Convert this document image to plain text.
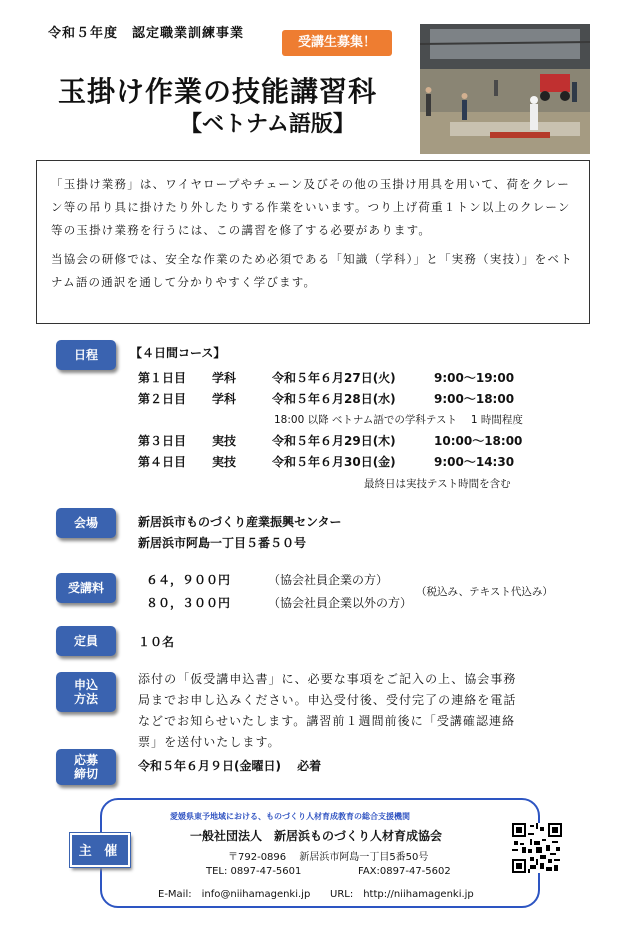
令和５年度　認定職業訓練事業
受講生募集！
玉掛け作業の技能講習科
【ベトナム語版】

「玉掛け業務」は、ワイヤロープやチェーン及びその他の玉掛け用具を用いて、荷をクレーン等の吊り具に掛けたり外したりする作業をいいます。つり上げ荷重１トン以上のクレーン等の玉掛け業務を行うには、この講習を修了する必要があります。

当協会の研修では、安全な作業のため必須である「知識（学科）」と「実務（実技）」をベトナム語の通訳を通して分かりやすく学びます。

日程	【４日間コース】
第１日目 学科	令和５年６月27日(火)	9:00～19:00
第２日目 学科	令和５年６月28日(水)	9:00～18:00
18:00 以降 ベトナム語での学科テスト　 1 時間程度
第３日目 実技	令和５年６月29日(木)	10:00～18:00
第４日目 実技	令和５年６月30日(金)	9:00～14:30
最終日は実技テスト時間を含む
会場	新居浜市ものづくり産業振興センター
新居浜市阿島一丁目５番５０号
受講料
６４，９００円	（協会社員企業の方）
８０，３００円	（協会社員企業以外の方）
（税込み、テキスト代込み）
定員	１０名
申込
方法
添付の「仮受講申込書」に、必要な事項をご記入の上、協会事務
局までお申し込みください。申込受付後、受付完了の連絡を電話
などでお知らせいたします。講習前１週間前後に「受講確認連絡
票」を送付いたします。
応募
締切
令和５年６月９日(金曜日)　 必着
主 催
愛媛県東予地域における、ものづくり人材育成教育の総合支援機関
一般社団法人　新居浜ものづくり人材育成協会
〒792-0896　 新居浜市阿島一丁目5番50号
TEL: 0897-47-5601	FAX:0897-47-5602
E-Mail:　info@niihamagenki.jp URL:　http://niihamagenki.jp
